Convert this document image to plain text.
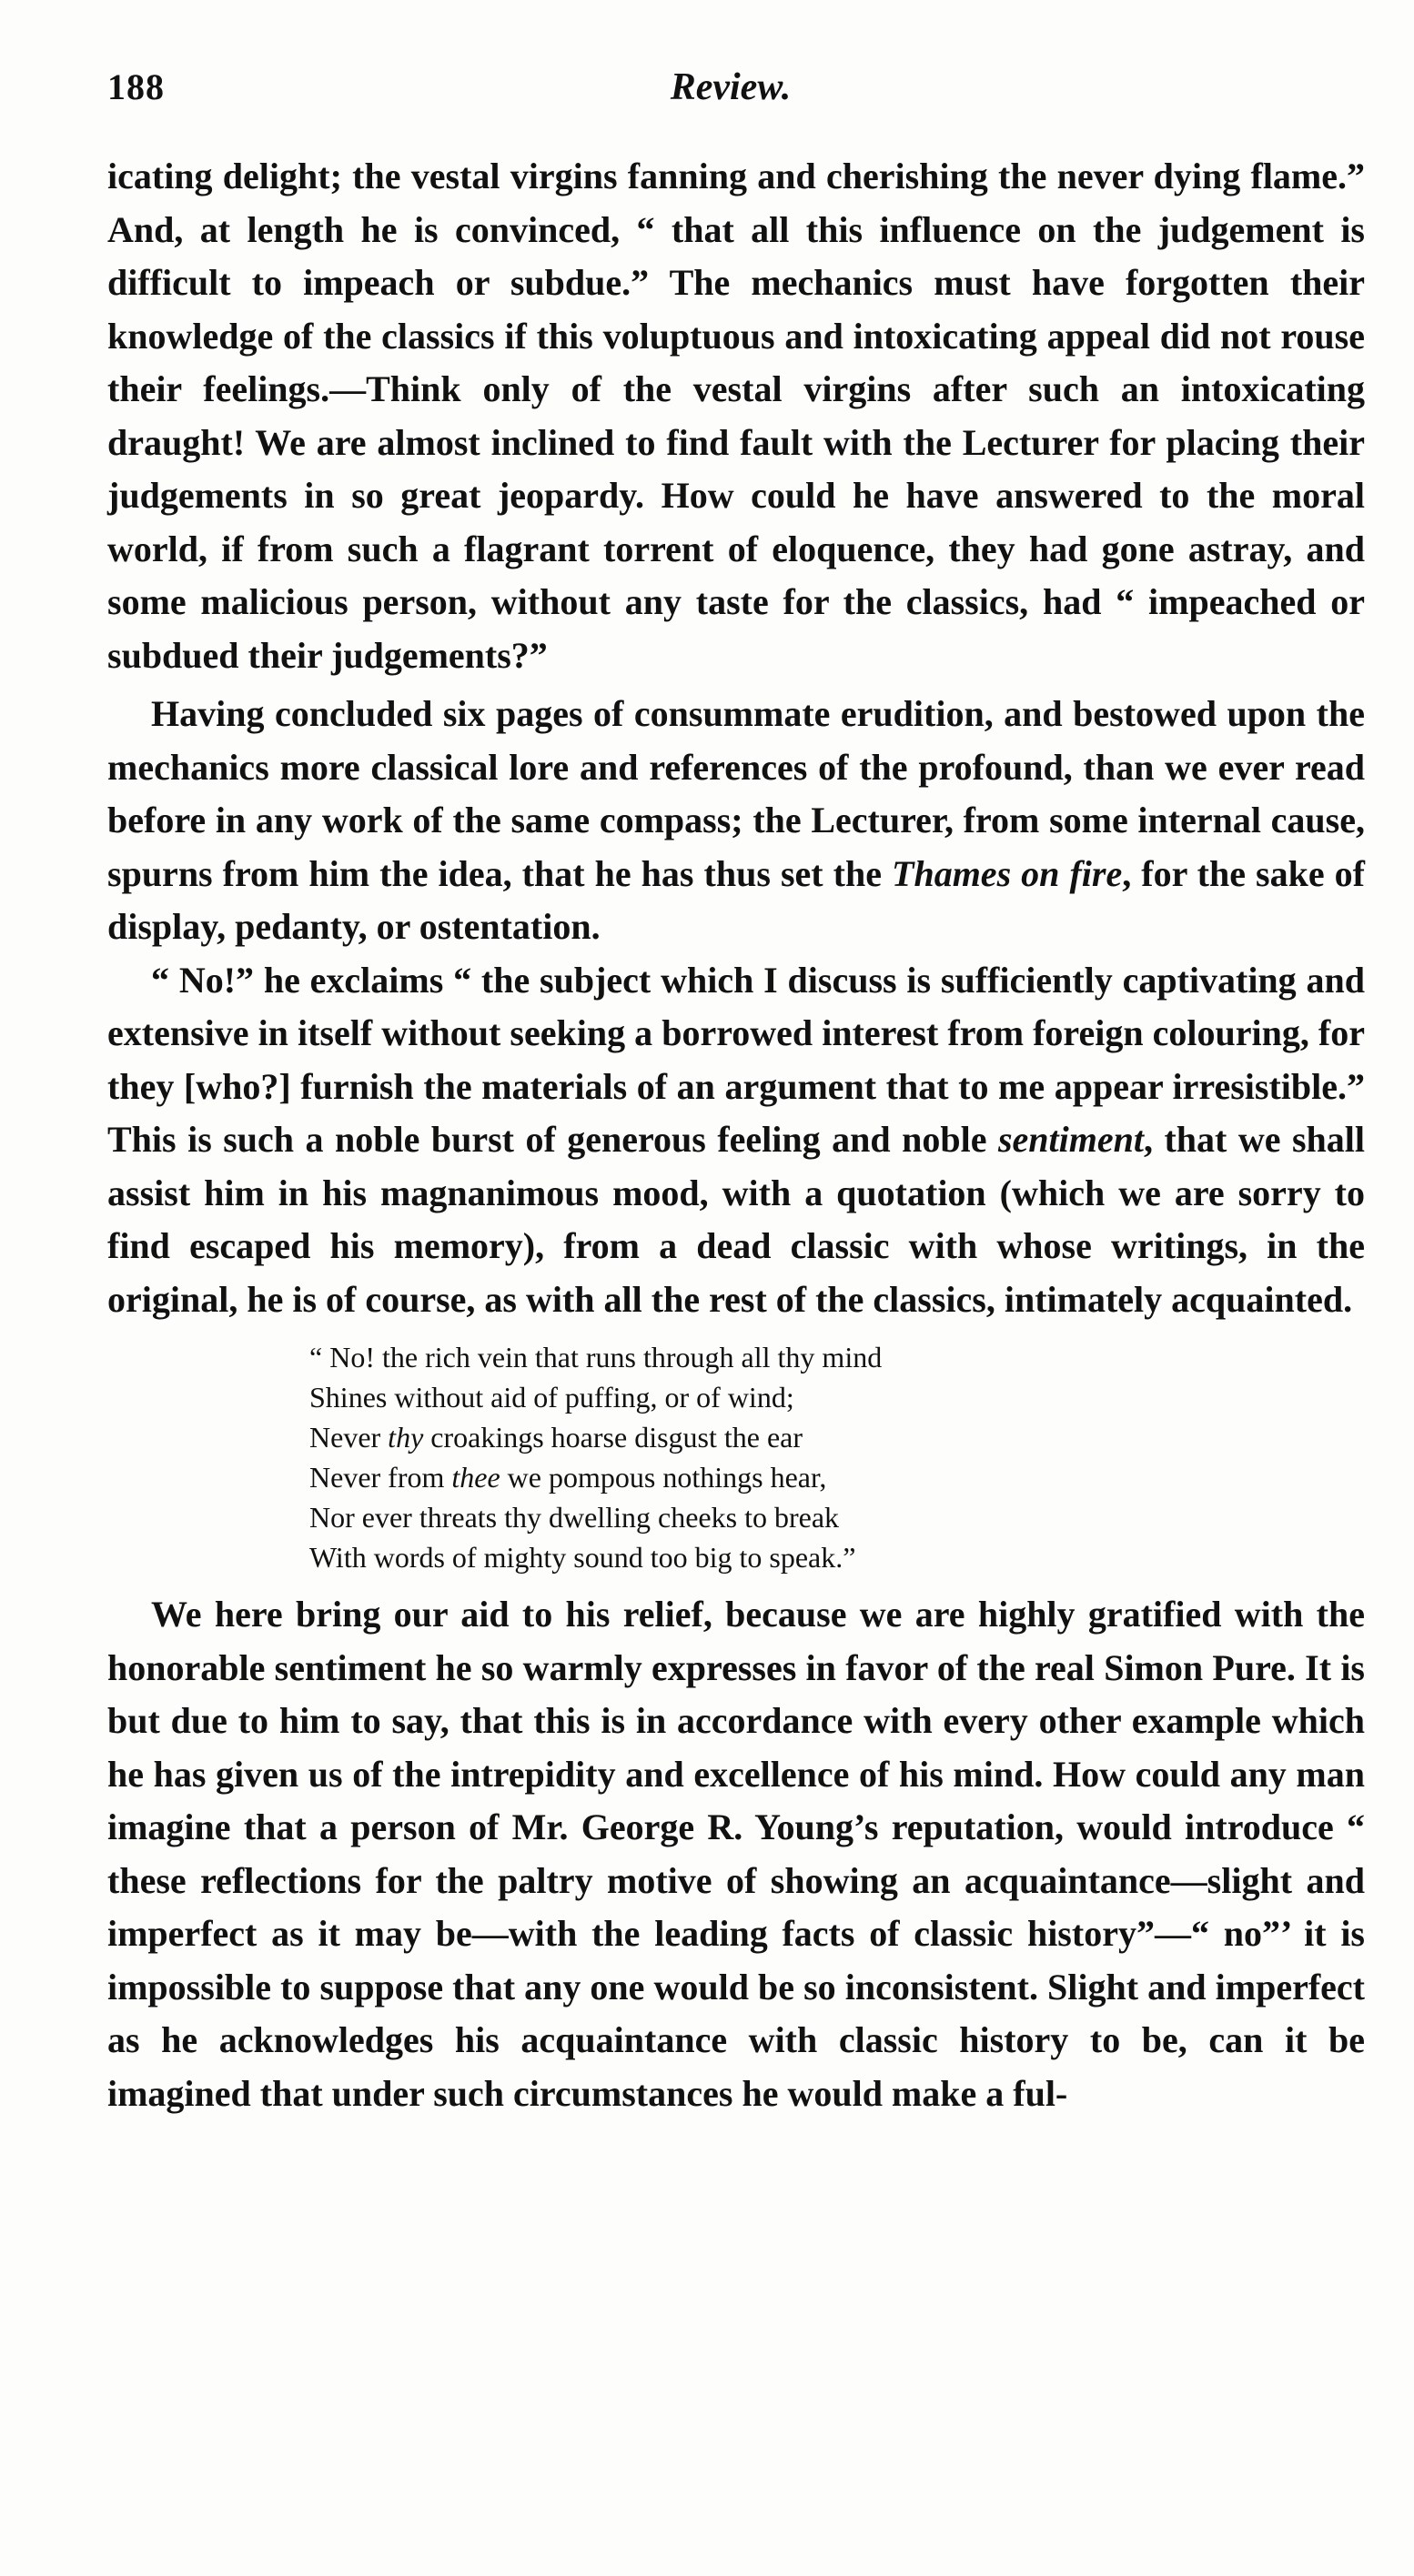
188	Review.

icating delight; the vestal virgins fanning and cherishing the never dying flame.” And, at length he is convinced, “ that all this influence on the judgement is difficult to impeach or subdue.” The mechanics must have forgotten their knowledge of the classics if this voluptuous and intoxicating appeal did not rouse their feelings.—Think only of the vestal virgins after such an intoxicating draught! We are almost inclined to find fault with the Lecturer for placing their judgements in so great jeopardy. How could he have answered to the moral world, if from such a flagrant torrent of eloquence, they had gone astray, and some malicious person, without any taste for the classics, had “ impeached or subdued their judgements?”

Having concluded six pages of consummate erudition, and bestowed upon the mechanics more classical lore and references of the profound, than we ever read before in any work of the same compass; the Lecturer, from some internal cause, spurns from him the idea, that he has thus set the Thames on fire, for the sake of display, pedanty, or ostentation.

“ No!” he exclaims “ the subject which I discuss is sufficiently captivating and extensive in itself without seeking a borrowed interest from foreign colouring, for they [who?] furnish the materials of an argument that to me appear irresistible.” This is such a noble burst of generous feeling and noble sentiment, that we shall assist him in his magnanimous mood, with a quotation (which we are sorry to find escaped his memory), from a dead classic with whose writings, in the original, he is of course, as with all the rest of the classics, intimately acquainted.

“ No! the rich vein that runs through all thy mind
Shines without aid of puffing, or of wind;
Never thy croakings hoarse disgust the ear
Never from thee we pompous nothings hear,
Nor ever threats thy dwelling cheeks to break
With words of mighty sound too big to speak.”

We here bring our aid to his relief, because we are highly gratified with the honorable sentiment he so warmly expresses in favor of the real Simon Pure. It is but due to him to say, that this is in accordance with every other example which he has given us of the intrepidity and excellence of his mind. How could any man imagine that a person of Mr. George R. Young’s reputation, would introduce “ these reflections for the paltry motive of showing an acquaintance—slight and imperfect as it may be—with the leading facts of classic history”—“ no”’ it is impossible to suppose that any one would be so inconsistent. Slight and imperfect as he acknowledges his acquaintance with classic history to be, can it be imagined that under such circumstances he would make a ful-
